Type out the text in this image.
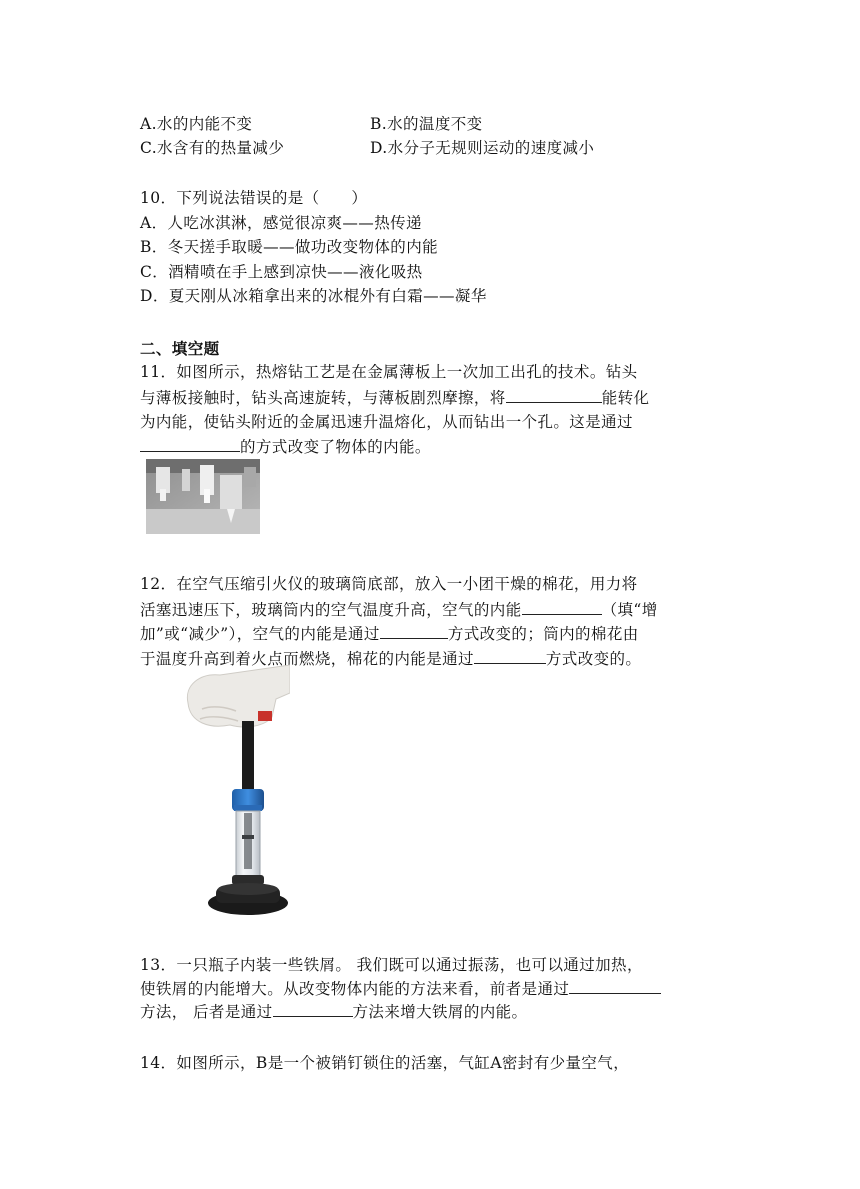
A.水的内能不变	B.水的温度不变
C.水含有的热量减少	D.水分子无规则运动的速度减小
10．下列说法错误的是（　　）
A．人吃冰淇淋，感觉很凉爽——热传递
B．冬天搓手取暖——做功改变物体的内能
C．酒精喷在手上感到凉快——液化吸热
D．夏天刚从冰箱拿出来的冰棍外有白霜——凝华
二、填空题
11．如图所示，热熔钻工艺是在金属薄板上一次加工出孔的技术。钻头
与薄板接触时，钻头高速旋转，与薄板剧烈摩擦，将	能转化
为内能，使钻头附近的金属迅速升温熔化，从而钻出一个孔。这是通过
的方式改变了物体的内能。
12．在空气压缩引火仪的玻璃筒底部，放入一小团干燥的棉花，用力将
活塞迅速压下，玻璃筒内的空气温度升高，空气的内能	（填“增
加”或“减少”），空气的内能是通过	方式改变的；筒内的棉花由
于温度升高到着火点而燃烧，棉花的内能是通过	方式改变的。
13．一只瓶子内装一些铁屑。 我们既可以通过振荡，也可以通过加热，
使铁屑的内能增大。从改变物体内能的方法来看，前者是通过
方法， 后者是通过	方法来增大铁屑的内能。
14．如图所示，B是一个被销钉锁住的活塞，气缸A密封有少量空气，
